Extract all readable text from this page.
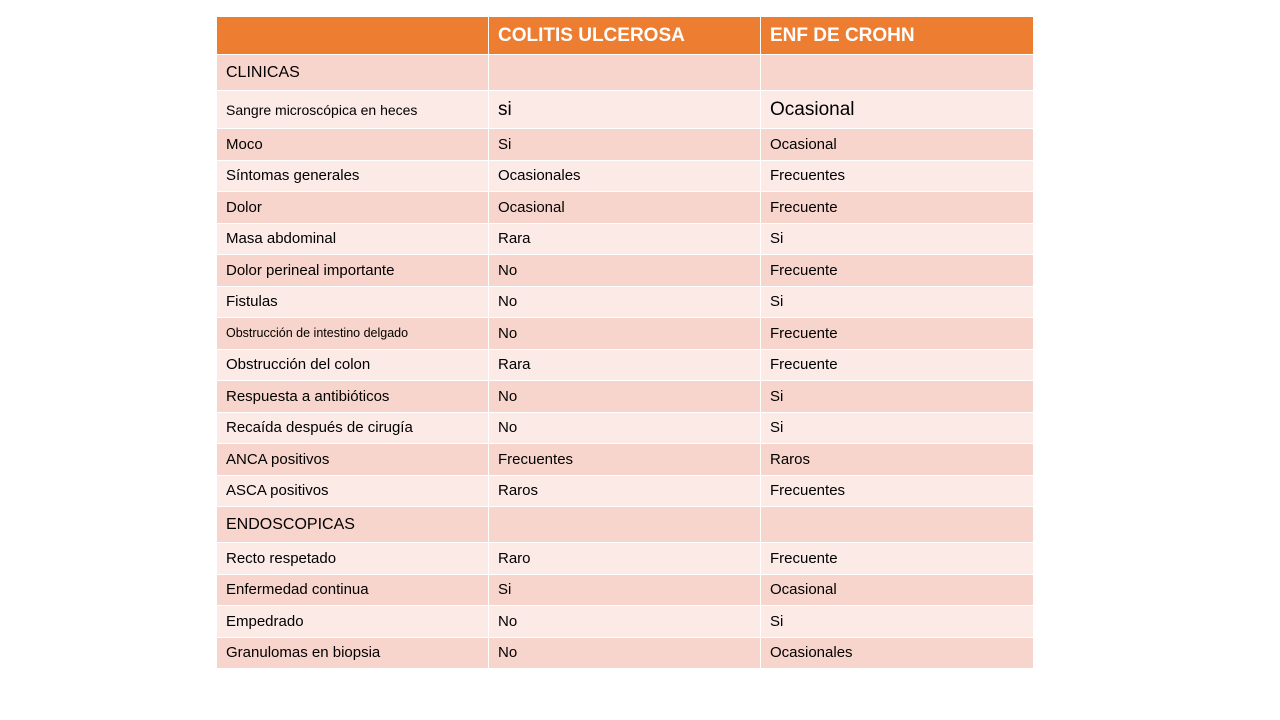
	COLITIS ULCEROSA	ENF DE CROHN
CLINICAS		
Sangre microscópica en heces	si	Ocasional
Moco	Si	Ocasional
Síntomas generales	Ocasionales	Frecuentes
Dolor	Ocasional	Frecuente
Masa abdominal	Rara	Si
Dolor perineal importante	No	Frecuente
Fistulas	No	Si
Obstrucción de intestino delgado	No	Frecuente
Obstrucción del colon	Rara	Frecuente
Respuesta a antibióticos	No	Si
Recaída después de cirugía	No	Si
ANCA positivos	Frecuentes	Raros
ASCA positivos	Raros	Frecuentes
ENDOSCOPICAS		
Recto respetado	Raro	Frecuente
Enfermedad continua	Si	Ocasional
Empedrado	No	Si
Granulomas en biopsia	No	Ocasionales
